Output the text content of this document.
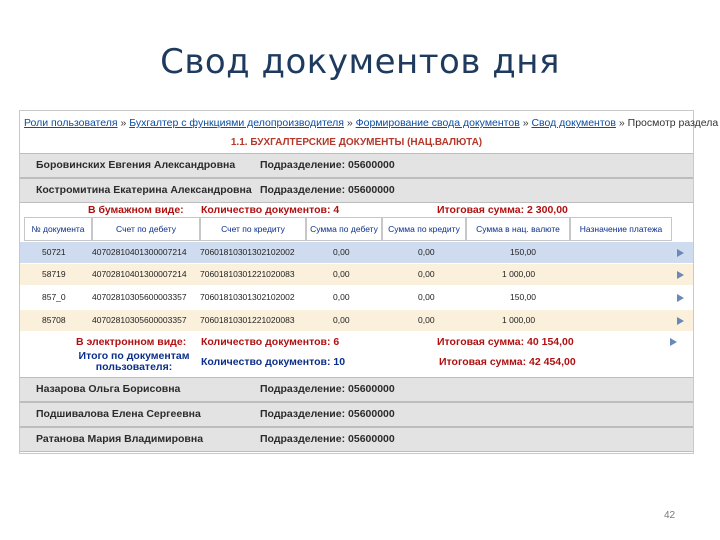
Свод документов дня
Роли пользователя » Бухгалтер с функциями делопроизводителя » Формирование свода документов » Свод документов » Просмотр раздела
1.1. БУХГАЛТЕРСКИЕ ДОКУМЕНТЫ (НАЦ.ВАЛЮТА)
Боровинских Евгения Александровна Подразделение: 05600000
Костромитина Екатерина Александровна Подразделение: 05600000
В бумажном виде: Количество документов: 4	Итоговая сумма: 2 300,00
№ документа	Счет по дебету	Счет по кредиту	Сумма по дебету	Сумма по кредиту	Сумма в нац. валюте	Назначение платежа
50721	40702810401300007214 70601810301302102002	0,00	0,00	150,00
58719	40702810401300007214 70601810301221020083	0,00	0,00	1 000,00
857_0	40702810305600003357 70601810301302102002	0,00	0,00	150,00
85708	40702810305600003357 70601810301221020083	0,00	0,00	1 000,00
В электронном виде: Количество документов: 6	Итоговая сумма: 40 154,00
Итого по документам пользователя:	Количество документов: 10	Итоговая сумма: 42 454,00
Назарова Ольга Борисовна	Подразделение: 05600000
Подшивалова Елена Сергеевна	Подразделение: 05600000
Ратанова Мария Владимировна	Подразделение: 05600000
42
